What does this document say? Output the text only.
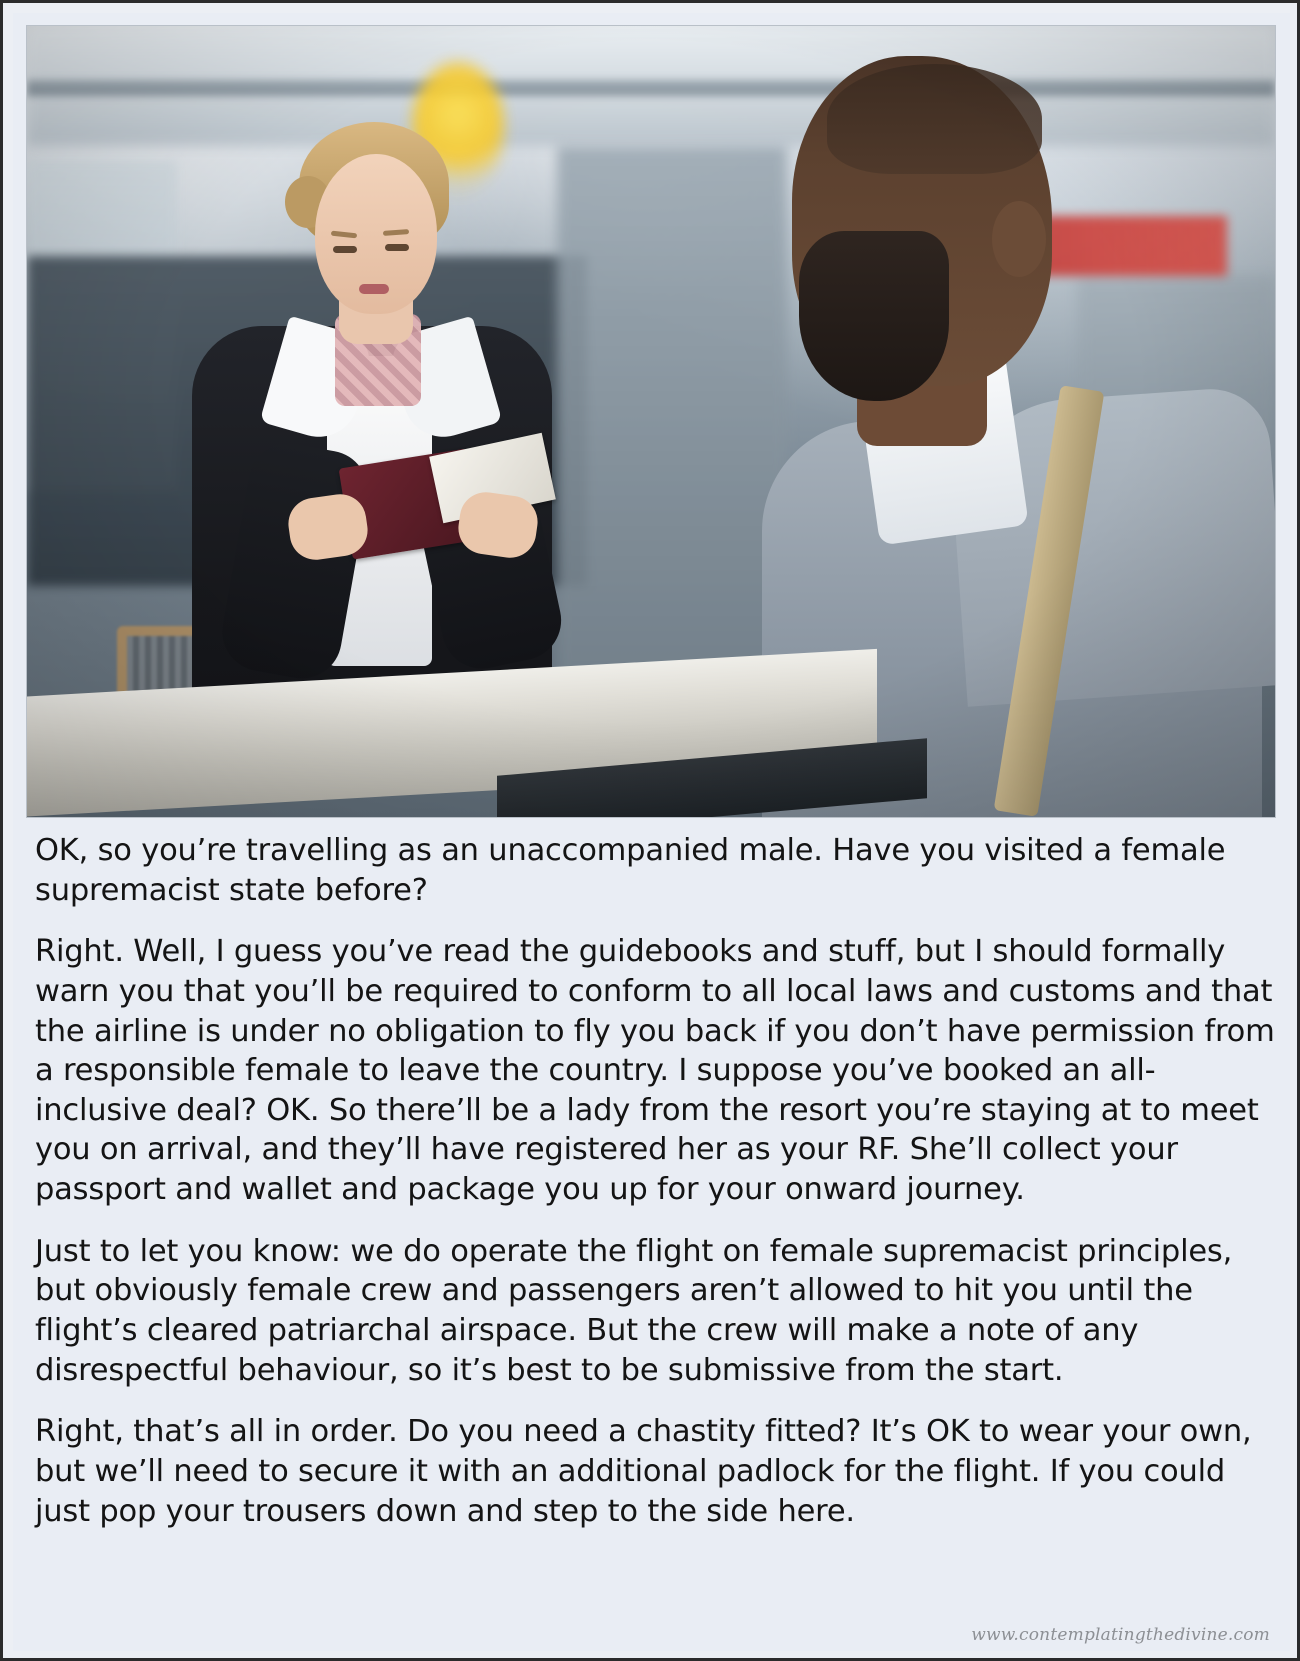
OK, so you’re travelling as an unaccompanied male. Have you visited a female supremacist state before?

Right. Well, I guess you’ve read the guidebooks and stuff, but I should formally warn you that you’ll be required to conform to all local laws and customs and that the airline is under no obligation to fly you back if you don’t have permission from a responsible female to leave the country. I suppose you’ve booked an all-inclusive deal? OK. So there’ll be a lady from the resort you’re staying at to meet you on arrival, and they’ll have registered her as your RF. She’ll collect your passport and wallet and package you up for your onward journey.

Just to let you know: we do operate the flight on female supremacist principles, but obviously female crew and passengers aren’t allowed to hit you until the flight’s cleared patriarchal airspace. But the crew will make a note of any disrespectful behaviour, so it’s best to be submissive from the start.

Right, that’s all in order. Do you need a chastity fitted? It’s OK to wear your own, but we’ll need to secure it with an additional padlock for the flight. If you could just pop your trousers down and step to the side here.

www.contemplatingthedivine.com
